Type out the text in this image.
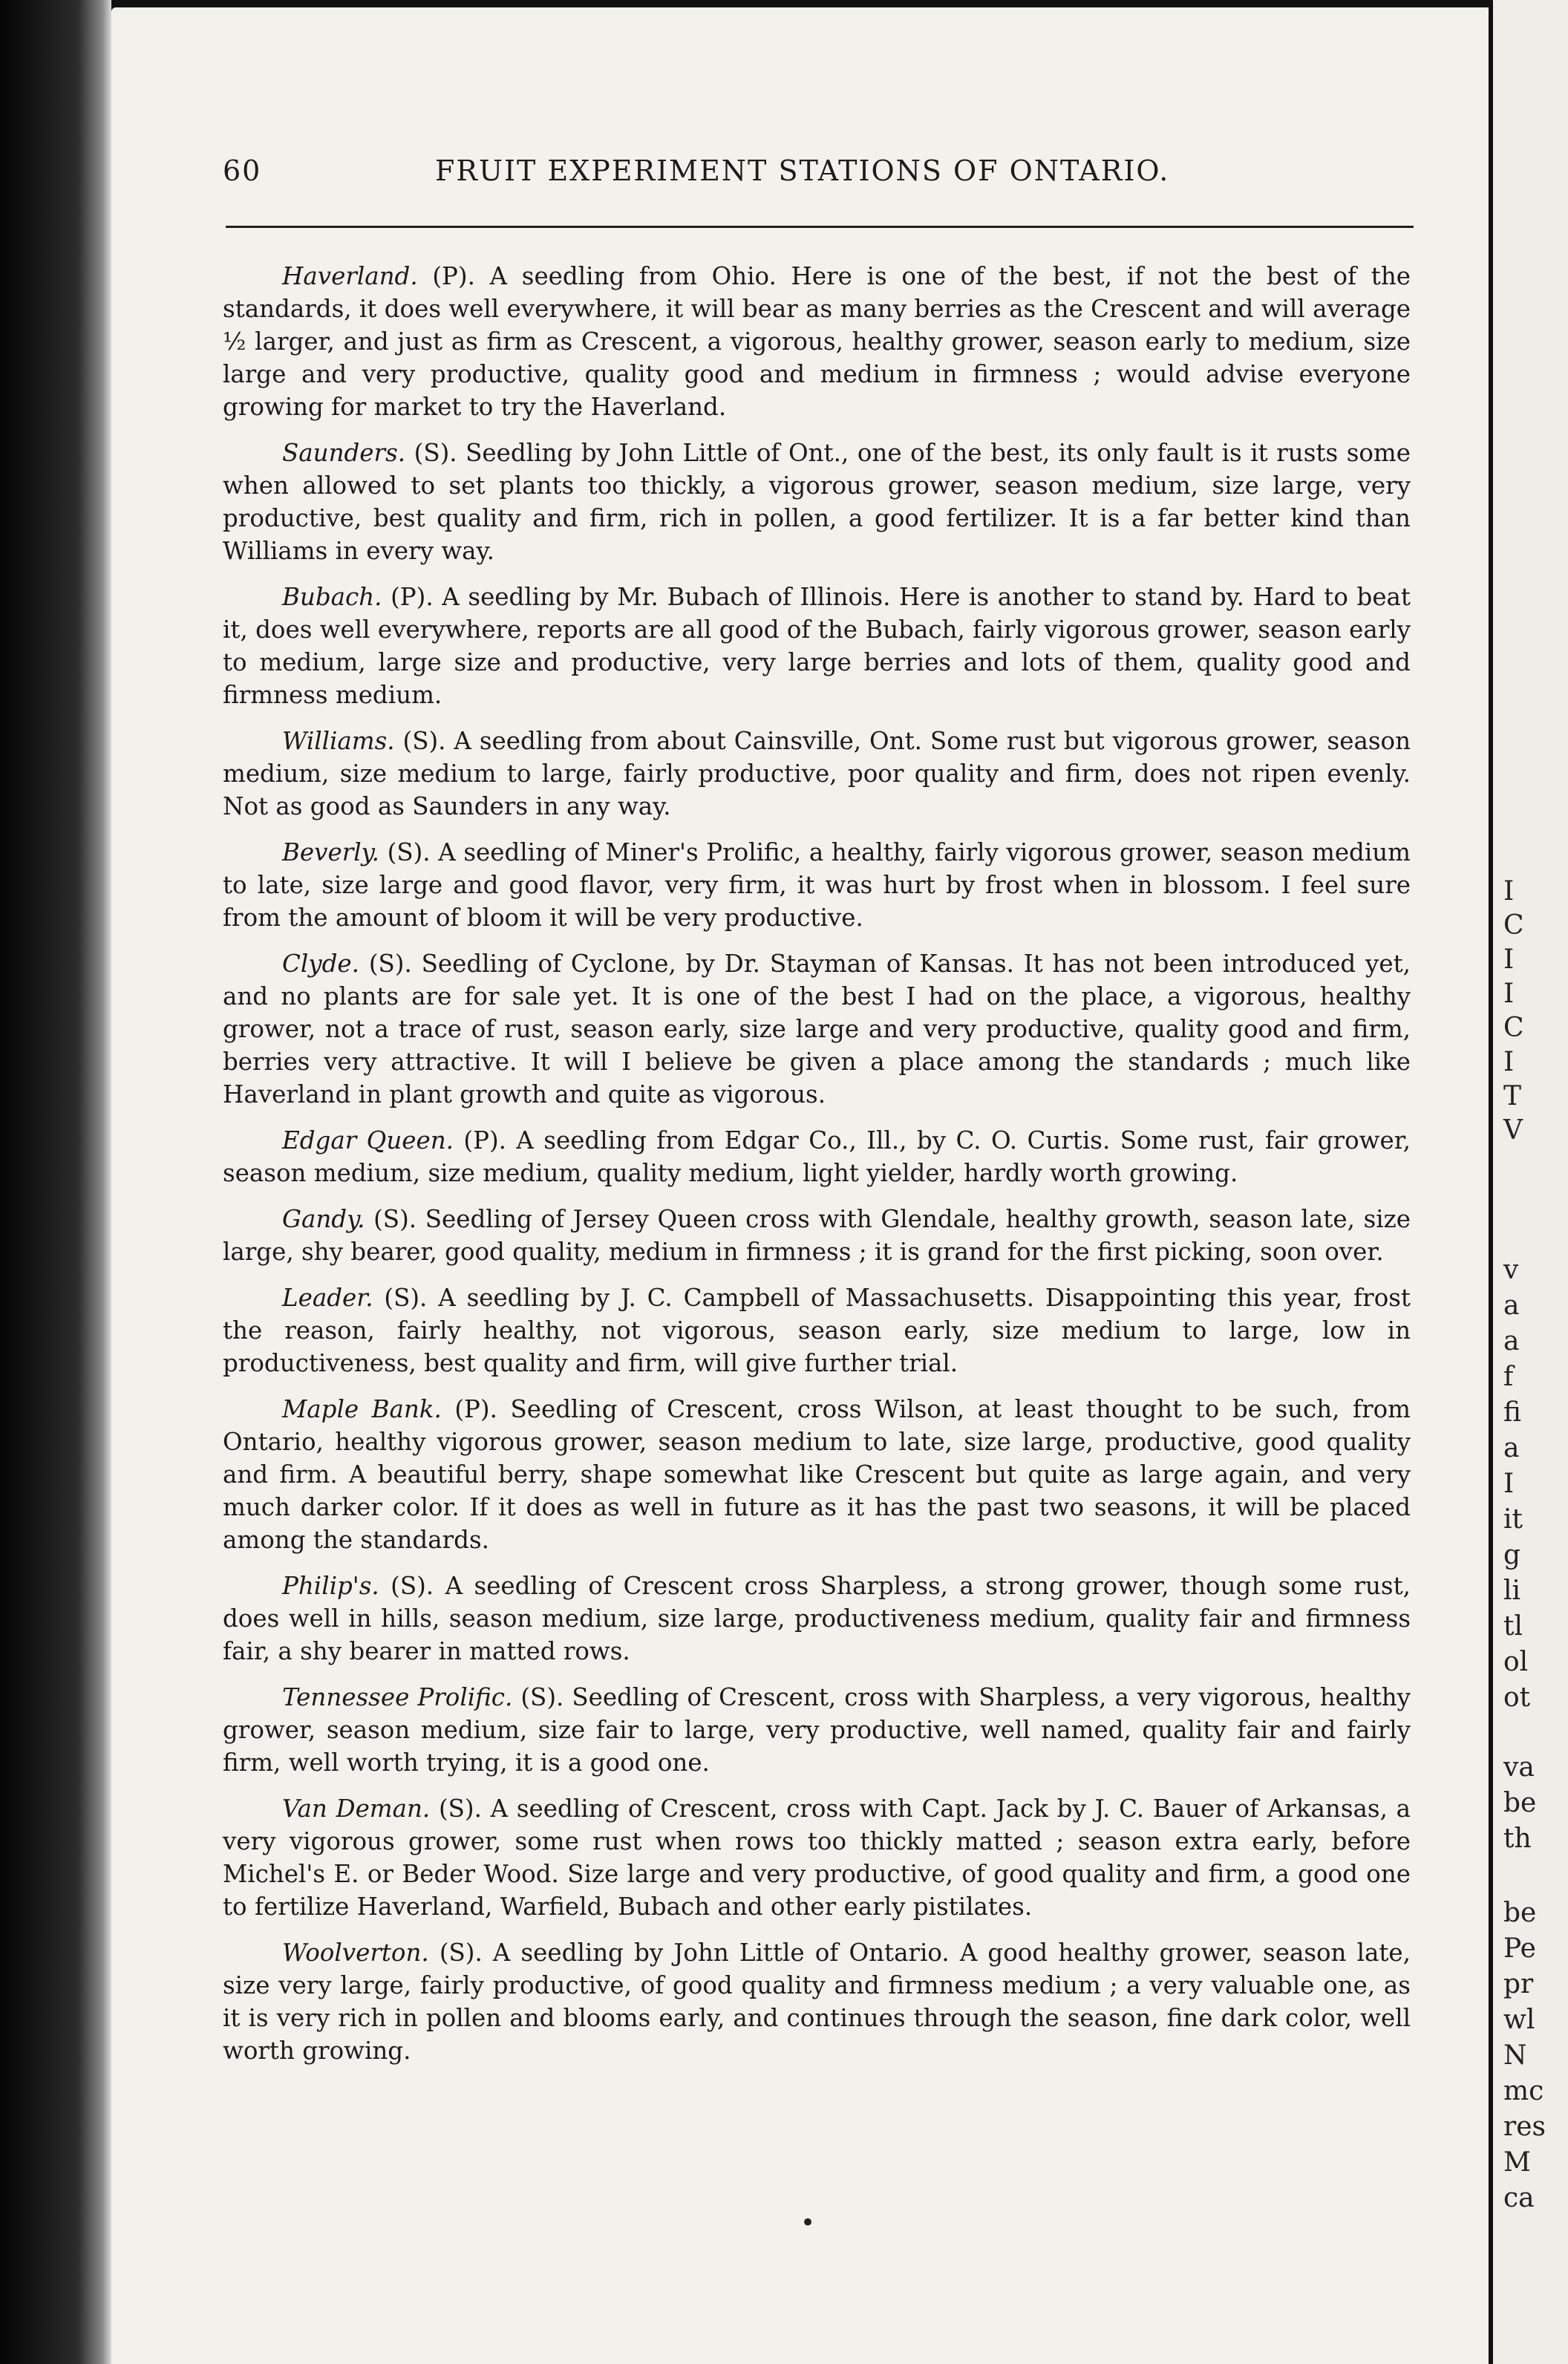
60	FRUIT EXPERIMENT STATIONS OF ONTARIO.

Haverland. (P). A seedling from Ohio. Here is one of the best, if not the best of the standards, it does well everywhere, it will bear as many berries as the Crescent and will average ½ larger, and just as firm as Crescent, a vigorous, healthy grower, season early to medium, size large and very productive, quality good and medium in firmness ; would advise everyone growing for market to try the Haverland.

Saunders. (S). Seedling by John Little of Ont., one of the best, its only fault is it rusts some when allowed to set plants too thickly, a vigorous grower, season medium, size large, very productive, best quality and firm, rich in pollen, a good fertilizer. It is a far better kind than Williams in every way.

Bubach. (P). A seedling by Mr. Bubach of Illinois. Here is another to stand by. Hard to beat it, does well everywhere, reports are all good of the Bubach, fairly vigorous grower, season early to medium, large size and productive, very large berries and lots of them, quality good and firmness medium.

Williams. (S). A seedling from about Cainsville, Ont. Some rust but vigorous grower, season medium, size medium to large, fairly productive, poor quality and firm, does not ripen evenly. Not as good as Saunders in any way.

Beverly. (S). A seedling of Miner's Prolific, a healthy, fairly vigorous grower, season medium to late, size large and good flavor, very firm, it was hurt by frost when in blossom. I feel sure from the amount of bloom it will be very productive.

Clyde. (S). Seedling of Cyclone, by Dr. Stayman of Kansas. It has not been introduced yet, and no plants are for sale yet. It is one of the best I had on the place, a vigorous, healthy grower, not a trace of rust, season early, size large and very productive, quality good and firm, berries very attractive. It will I believe be given a place among the standards ; much like Haverland in plant growth and quite as vigorous.

Edgar Queen. (P). A seedling from Edgar Co., Ill., by C. O. Curtis. Some rust, fair grower, season medium, size medium, quality medium, light yielder, hardly worth growing.

Gandy. (S). Seedling of Jersey Queen cross with Glendale, healthy growth, season late, size large, shy bearer, good quality, medium in firmness ; it is grand for the first picking, soon over.

Leader. (S). A seedling by J. C. Campbell of Massachusetts. Disappointing this year, frost the reason, fairly healthy, not vigorous, season early, size medium to large, low in productiveness, best quality and firm, will give further trial.

Maple Bank. (P). Seedling of Crescent, cross Wilson, at least thought to be such, from Ontario, healthy vigorous grower, season medium to late, size large, productive, good quality and firm. A beautiful berry, shape somewhat like Crescent but quite as large again, and very much darker color. If it does as well in future as it has the past two seasons, it will be placed among the standards.

Philip's. (S). A seedling of Crescent cross Sharpless, a strong grower, though some rust, does well in hills, season medium, size large, productiveness medium, quality fair and firmness fair, a shy bearer in matted rows.

Tennessee Prolific. (S). Seedling of Crescent, cross with Sharpless, a very vigorous, healthy grower, season medium, size fair to large, very productive, well named, quality fair and fairly firm, well worth trying, it is a good one.

Van Deman. (S). A seedling of Crescent, cross with Capt. Jack by J. C. Bauer of Arkansas, a very vigorous grower, some rust when rows too thickly matted ; season extra early, before Michel's E. or Beder Wood. Size large and very productive, of good quality and firm, a good one to fertilize Haverland, Warfield, Bubach and other early pistilates.

Woolverton. (S). A seedling by John Little of Ontario. A good healthy grower, season late, size very large, fairly productive, of good quality and firmness medium ; a very valuable one, as it is very rich in pollen and blooms early, and continues through the season, fine dark color, well worth growing.

•
I
C
I
I
C
I
T
V
v
a
a
f
fi
a
I
it
g
li
tl
ol
ot
va
be
th
be
Pe
pr
wl
N
mc
res
M
ca
